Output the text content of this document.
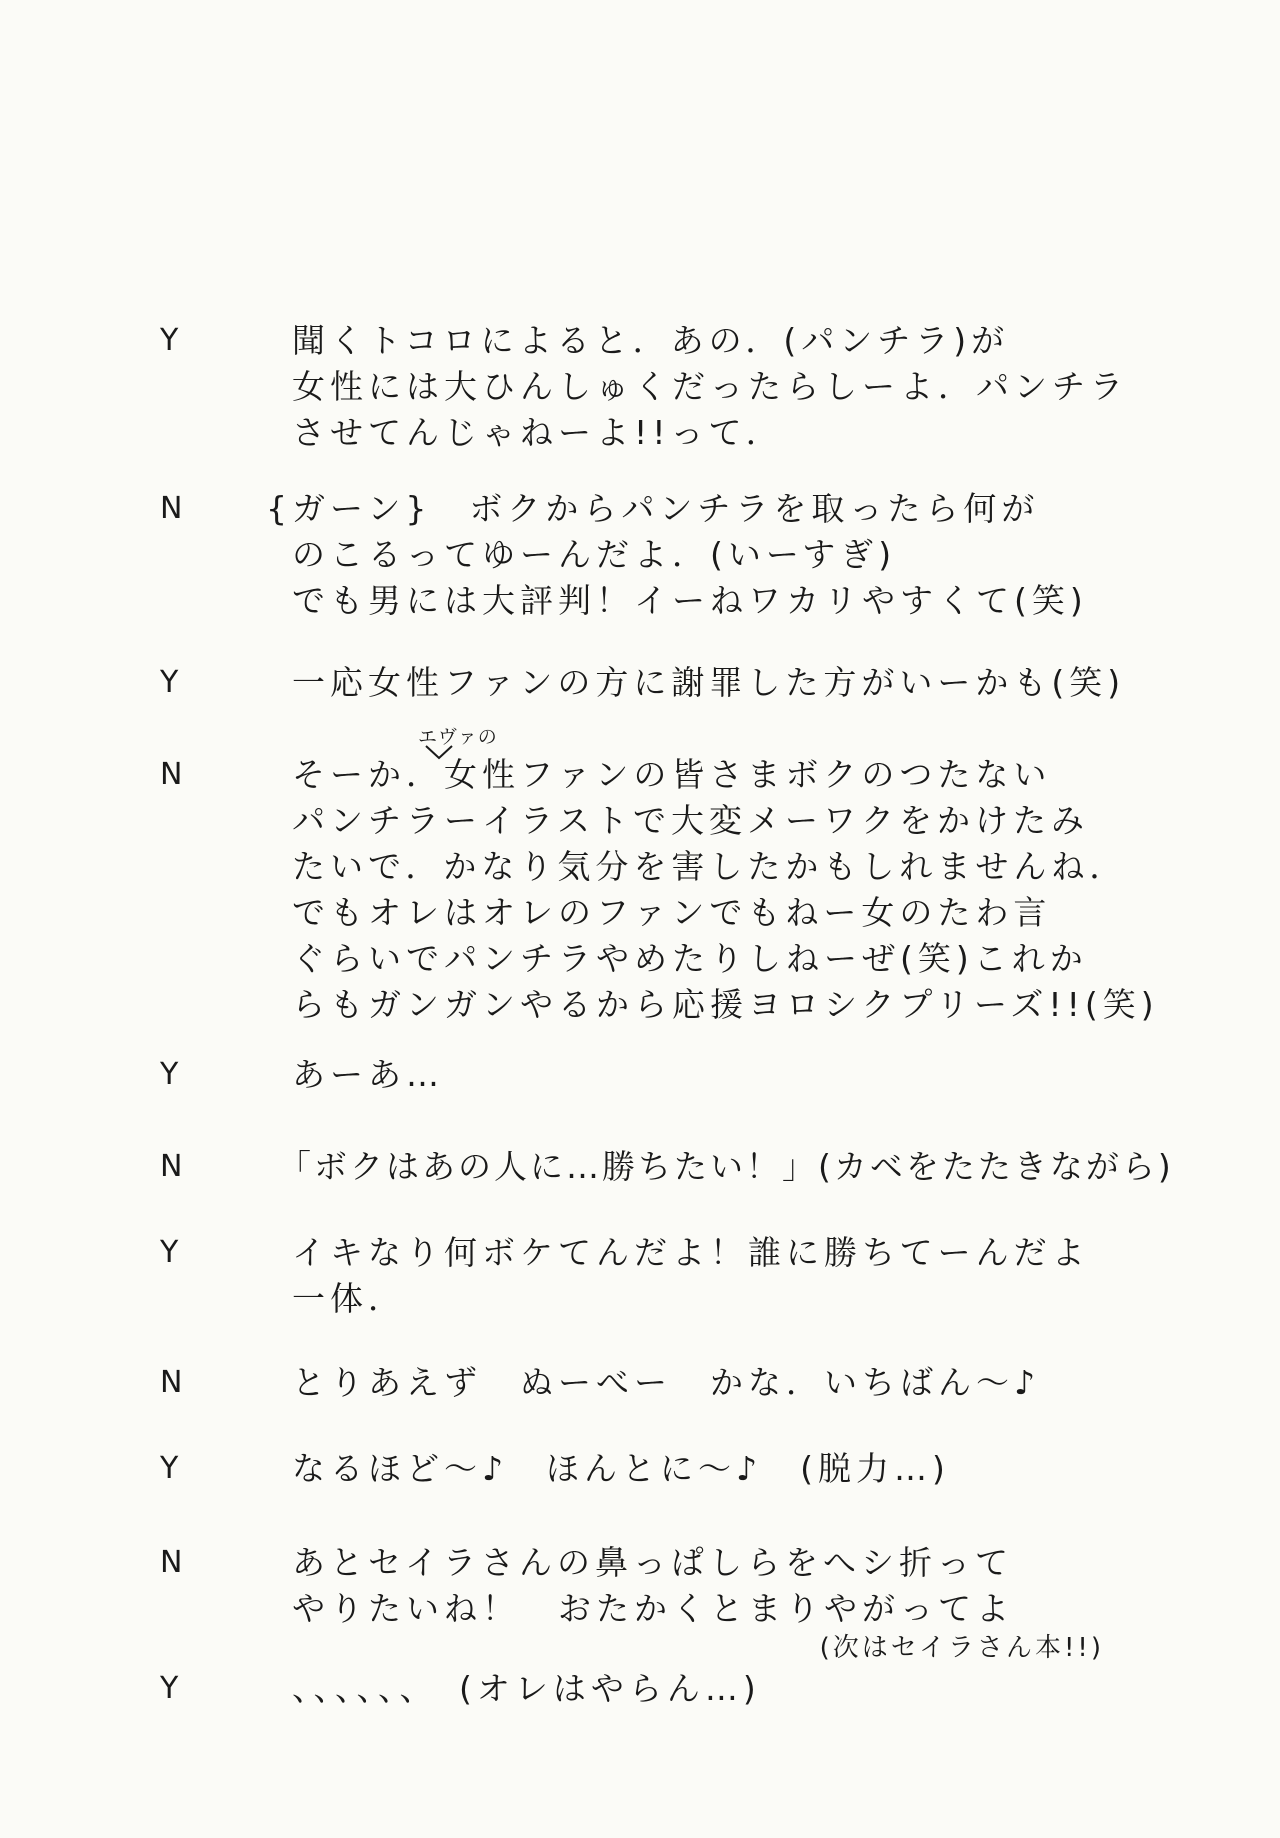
Y	聞くトコロによると．あの．(パンチラ)が
女性には大ひんしゅくだったらしーよ．パンチラ
させてんじゃねーよ!!って．
N	{ガーン}　ボクからパンチラを取ったら何が
のこるってゆーんだよ．(いーすぎ)
でも男には大評判！イーねワカリやすくて(笑)
Y	一応女性ファンの方に謝罪した方がいーかも(笑)
エヴァの
N	そーか．女性ファンの皆さまボクのつたない
パンチラーイラストで大変メーワクをかけたみ
たいで．かなり気分を害したかもしれませんね．
でもオレはオレのファンでもねー女のたわ言
ぐらいでパンチラやめたりしねーぜ(笑)これか
らもガンガンやるから応援ヨロシクプリーズ!!(笑)
Y	あーあ…
N	「ボクはあの人に…勝ちたい！」(カベをたたきながら)
Y	イキなり何ボケてんだよ！誰に勝ちてーんだよ
一体．
N	とりあえず　ぬーべー　かな．いちばん～♪
Y	なるほど～♪　ほんとに～♪　(脱力…)
N	あとセイラさんの鼻っぱしらをへシ折って
やりたいね！　おたかくとまりやがってよ
(次はセイラさん本!!)
Y	、、、、、、　(オレはやらん…)
